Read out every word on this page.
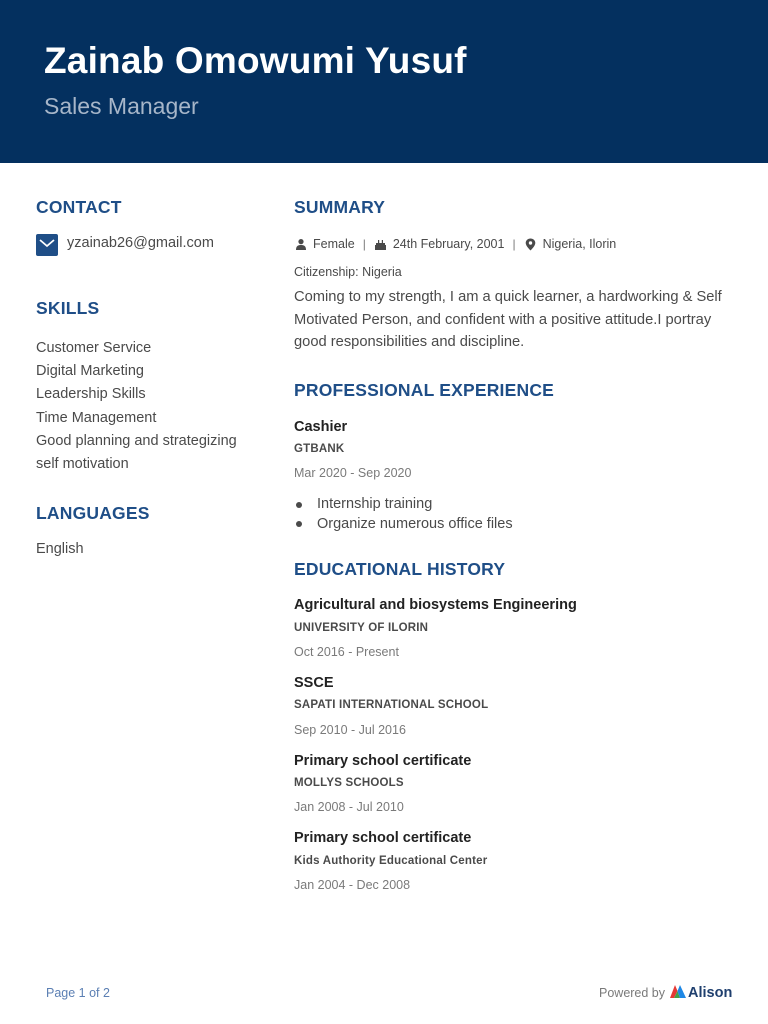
Zainab Omowumi Yusuf
Sales Manager
CONTACT
yzainab26@gmail.com
SKILLS
Customer Service
Digital Marketing
Leadership Skills
Time Management
Good planning and strategizing
self motivation
LANGUAGES
English
SUMMARY
Female | 24th February, 2001 | Nigeria, Ilorin
Citizenship: Nigeria
Coming to my strength, I am a quick learner, a hardworking & Self Motivated Person, and confident with a positive attitude.I portray good responsibilities and discipline.
PROFESSIONAL EXPERIENCE
Cashier
GTBANK
Mar 2020 - Sep 2020
Internship training
Organize numerous office files
EDUCATIONAL HISTORY
Agricultural and biosystems Engineering
UNIVERSITY OF ILORIN
Oct 2016 - Present
SSCE
SAPATI INTERNATIONAL SCHOOL
Sep 2010 - Jul 2016
Primary school certificate
MOLLYS SCHOOLS
Jan 2008 - Jul 2010
Primary school certificate
Kids Authority Educational Center
Jan 2004 - Dec 2008
Page 1 of 2	Powered by Alison
